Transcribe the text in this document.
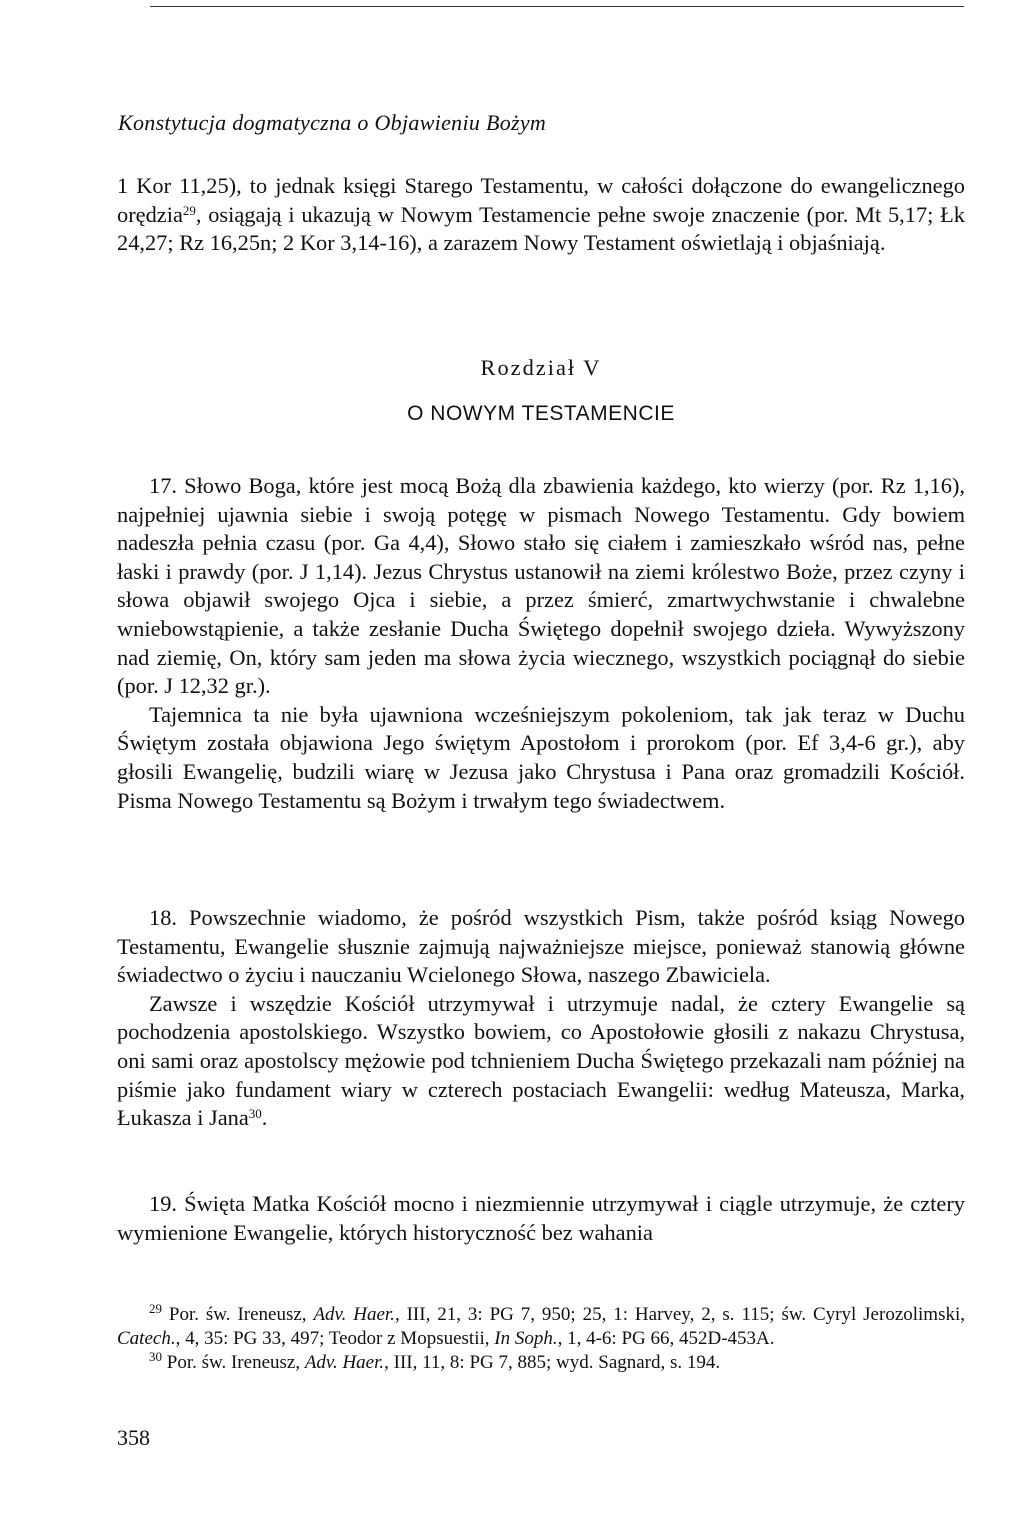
Konstytucja dogmatyczna o Objawieniu Bożym

1 Kor 11,25), to jednak księgi Starego Testamentu, w całości dołączone do ewangelicznego orędzia$^{29}$, osiągają i ukazują w Nowym Testamencie pełne swoje znaczenie (por. Mt 5,17; Łk 24,27; Rz 16,25n; 2 Kor 3,14-16), a zarazem Nowy Testament oświetlają i objaśniają.

Rozdział V
O NOWYM TESTAMENCIE

17. Słowo Boga, które jest mocą Bożą dla zbawienia każdego, kto wierzy (por. Rz 1,16), najpełniej ujawnia siebie i swoją potęgę w pismach Nowego Testamentu. Gdy bowiem nadeszła pełnia czasu (por. Ga 4,4), Słowo stało się ciałem i zamieszkało wśród nas, pełne łaski i prawdy (por. J 1,14). Jezus Chrystus ustanowił na ziemi królestwo Boże, przez czyny i słowa objawił swojego Ojca i siebie, a przez śmierć, zmartwychwstanie i chwalebne wniebowstąpienie, a także zesłanie Ducha Świętego dopełnił swojego dzieła. Wywyższony nad ziemię, On, który sam jeden ma słowa życia wiecznego, wszystkich pociągnął do siebie (por. J 12,32 gr.).

Tajemnica ta nie była ujawniona wcześniejszym pokoleniom, tak jak teraz w Duchu Świętym została objawiona Jego świętym Apostołom i prorokom (por. Ef 3,4-6 gr.), aby głosili Ewangelię, budzili wiarę w Jezusa jako Chrystusa i Pana oraz gromadzili Kościół. Pisma Nowego Testamentu są Bożym i trwałym tego świadectwem.

18. Powszechnie wiadomo, że pośród wszystkich Pism, także pośród ksiąg Nowego Testamentu, Ewangelie słusznie zajmują najważniejsze miejsce, ponieważ stanowią główne świadectwo o życiu i nauczaniu Wcielonego Słowa, naszego Zbawiciela.

Zawsze i wszędzie Kościół utrzymywał i utrzymuje nadal, że cztery Ewangelie są pochodzenia apostolskiego. Wszystko bowiem, co Apostołowie głosili z nakazu Chrystusa, oni sami oraz apostolscy mężowie pod tchnieniem Ducha Świętego przekazali nam później na piśmie jako fundament wiary w czterech postaciach Ewangelii: według Mateusza, Marka, Łukasza i Jana$^{30}$.

19. Święta Matka Kościół mocno i niezmiennie utrzymywał i ciągle utrzymuje, że cztery wymienione Ewangelie, których historyczność bez wahania

$^{29}$ Por. św. Ireneusz, Adv. Haer., III, 21, 3: PG 7, 950; 25, 1: Harvey, 2, s. 115; św. Cyryl Jerozolimski, Catech., 4, 35: PG 33, 497; Teodor z Mopsuestii, In Soph., 1, 4-6: PG 66, 452D-453A.

$^{30}$ Por. św. Ireneusz, Adv. Haer., III, 11, 8: PG 7, 885; wyd. Sagnard, s. 194.

358
